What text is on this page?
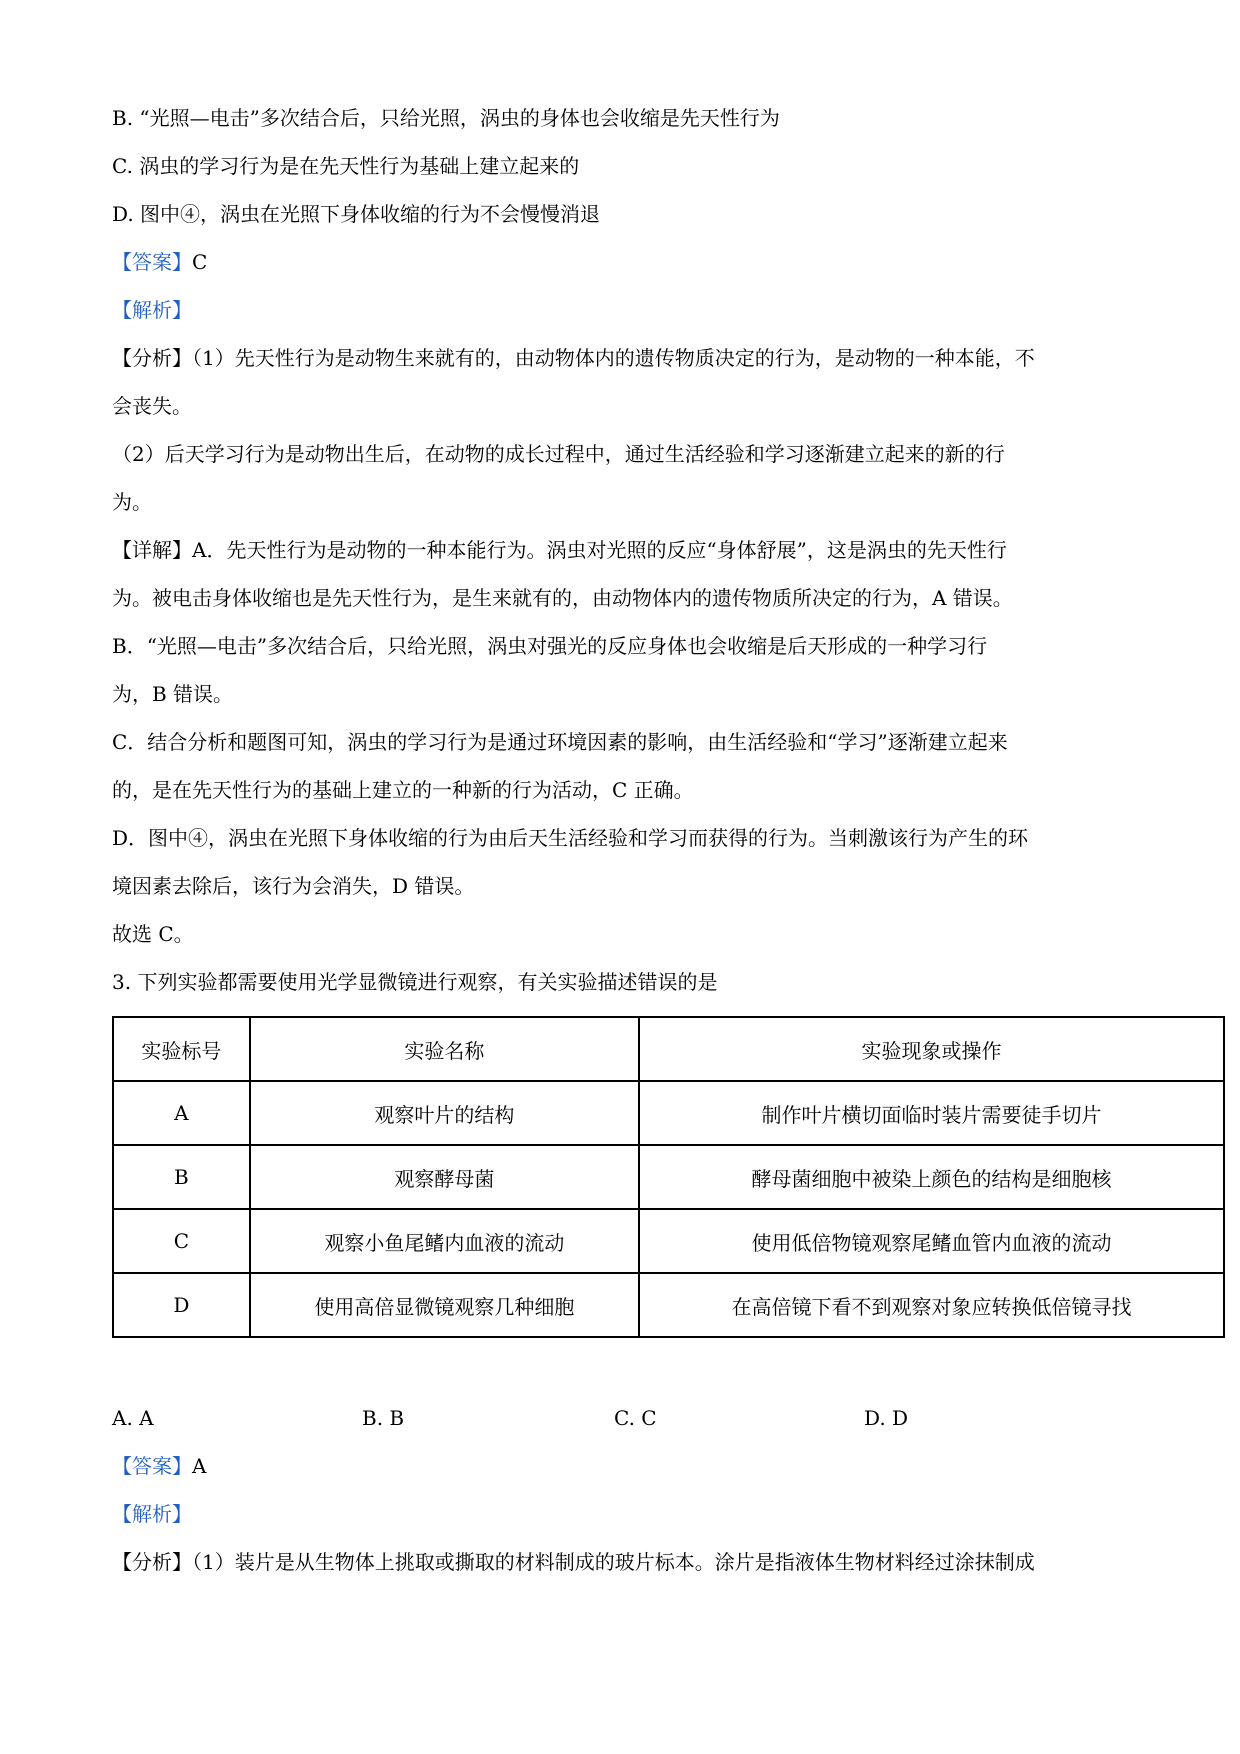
B. “光照—电击”多次结合后，只给光照，涡虫的身体也会收缩是先天性行为
C. 涡虫的学习行为是在先天性行为基础上建立起来的
D. 图中④，涡虫在光照下身体收缩的行为不会慢慢消退
【答案】C
【解析】
【分析】（1）先天性行为是动物生来就有的，由动物体内的遗传物质决定的行为，是动物的一种本能，不
会丧失。
（2）后天学习行为是动物出生后，在动物的成长过程中，通过生活经验和学习逐渐建立起来的新的行
为。
【详解】A．先天性行为是动物的一种本能行为。涡虫对光照的反应“身体舒展”，这是涡虫的先天性行
为。被电击身体收缩也是先天性行为，是生来就有的，由动物体内的遗传物质所决定的行为，A 错误。
B．“光照—电击”多次结合后，只给光照，涡虫对强光的反应身体也会收缩是后天形成的一种学习行
为，B 错误。
C．结合分析和题图可知，涡虫的学习行为是通过环境因素的影响，由生活经验和“学习”逐渐建立起来
的，是在先天性行为的基础上建立的一种新的行为活动，C 正确。
D．图中④，涡虫在光照下身体收缩的行为由后天生活经验和学习而获得的行为。当刺激该行为产生的环
境因素去除后，该行为会消失，D 错误。
故选 C。
3. 下列实验都需要使用光学显微镜进行观察，有关实验描述错误的是
实验标号	实验名称	实验现象或操作
A	观察叶片的结构	制作叶片横切面临时装片需要徒手切片
B	观察酵母菌	酵母菌细胞中被染上颜色的结构是细胞核
C	观察小鱼尾鳍内血液的流动	使用低倍物镜观察尾鳍血管内血液的流动
D	使用高倍显微镜观察几种细胞	在高倍镜下看不到观察对象应转换低倍镜寻找
A. A	B. B	C. C	D. D
【答案】A
【解析】
【分析】（1）装片是从生物体上挑取或撕取的材料制成的玻片标本。涂片是指液体生物材料经过涂抹制成
